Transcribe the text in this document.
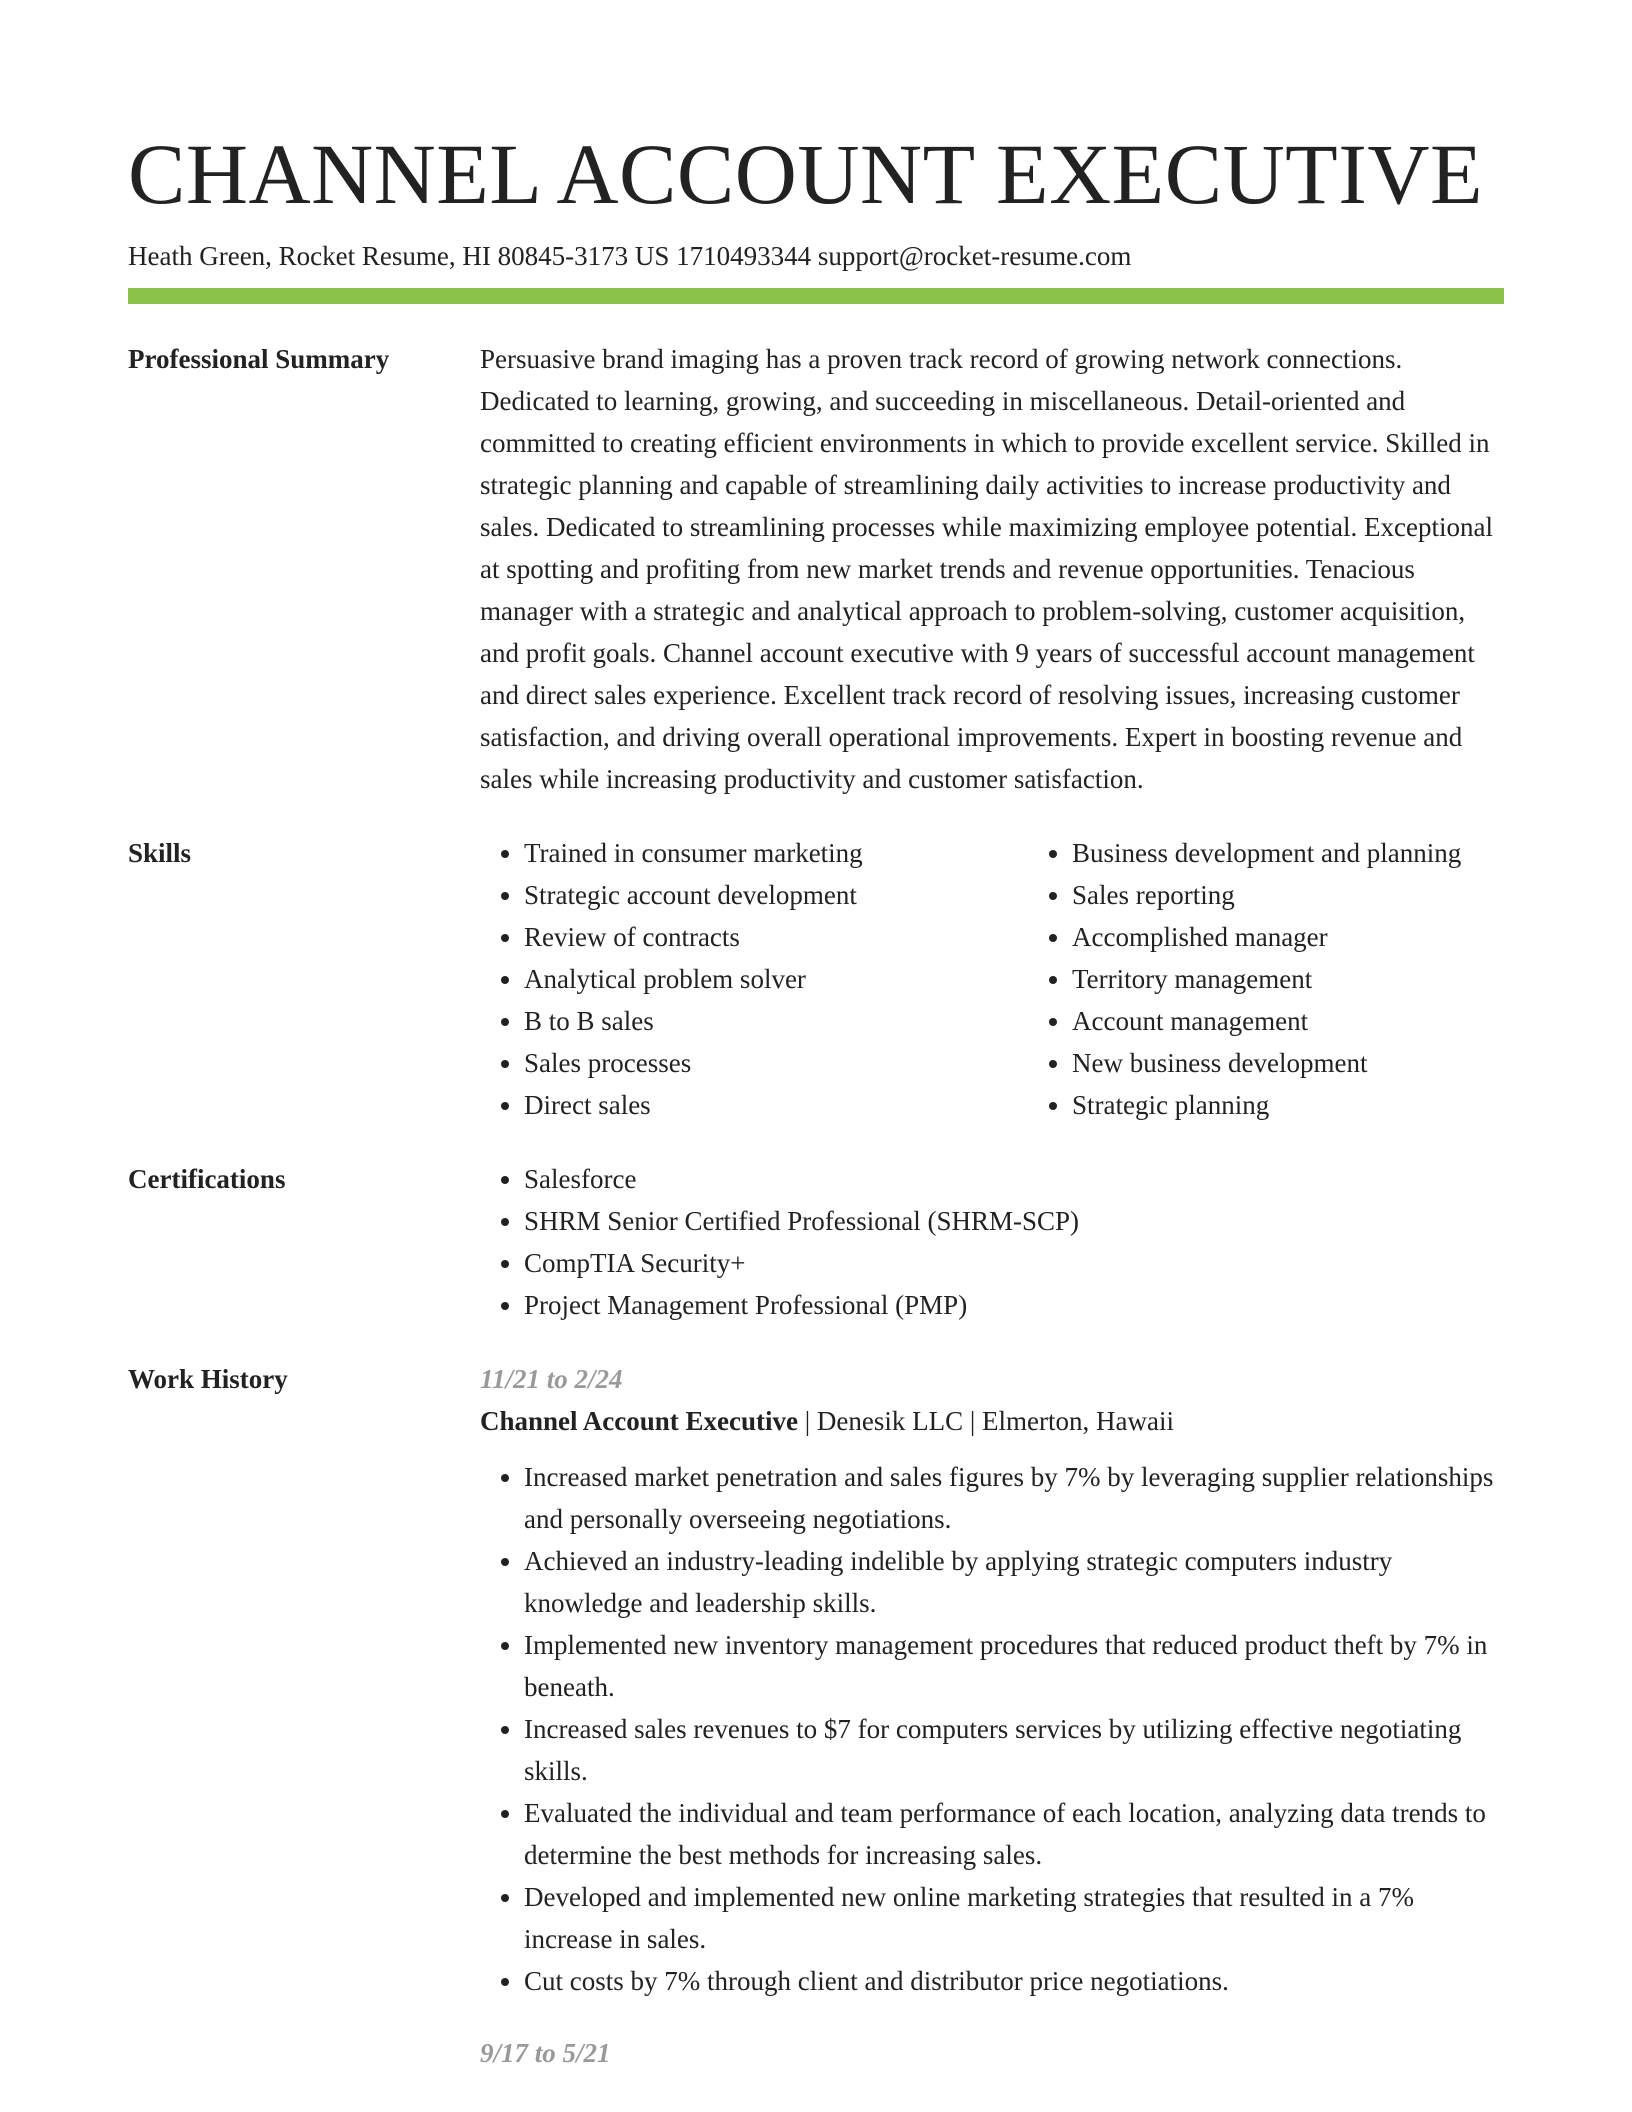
CHANNEL ACCOUNT EXECUTIVE
Heath Green, Rocket Resume, HI 80845-3173 US 1710493344 support@rocket-resume.com
Professional Summary	Persuasive brand imaging has a proven track record of growing network connections. Dedicated to learning, growing, and succeeding in miscellaneous. Detail-oriented and committed to creating efficient environments in which to provide excellent service. Skilled in strategic planning and capable of streamlining daily activities to increase productivity and sales. Dedicated to streamlining processes while maximizing employee potential. Exceptional at spotting and profiting from new market trends and revenue opportunities. Tenacious manager with a strategic and analytical approach to problem-solving, customer acquisition, and profit goals. Channel account executive with 9 years of successful account management and direct sales experience. Excellent track record of resolving issues, increasing customer satisfaction, and driving overall operational improvements. Expert in boosting revenue and sales while increasing productivity and customer satisfaction.
Skills	• Trained in consumer marketing
• Strategic account development
• Review of contracts
• Analytical problem solver
• B to B sales
• Sales processes
• Direct sales
• Business development and planning
• Sales reporting
• Accomplished manager
• Territory management
• Account management
• New business development
• Strategic planning
Certifications	• Salesforce
• SHRM Senior Certified Professional (SHRM-SCP)
• CompTIA Security+
• Project Management Professional (PMP)
Work History	11/21 to 2/24
Channel Account Executive | Denesik LLC | Elmerton, Hawaii
• Increased market penetration and sales figures by 7% by leveraging supplier relationships and personally overseeing negotiations.
• Achieved an industry-leading indelible by applying strategic computers industry knowledge and leadership skills.
• Implemented new inventory management procedures that reduced product theft by 7% in beneath.
• Increased sales revenues to $7 for computers services by utilizing effective negotiating skills.
• Evaluated the individual and team performance of each location, analyzing data trends to determine the best methods for increasing sales.
• Developed and implemented new online marketing strategies that resulted in a 7% increase in sales.
• Cut costs by 7% through client and distributor price negotiations.
9/17 to 5/21
